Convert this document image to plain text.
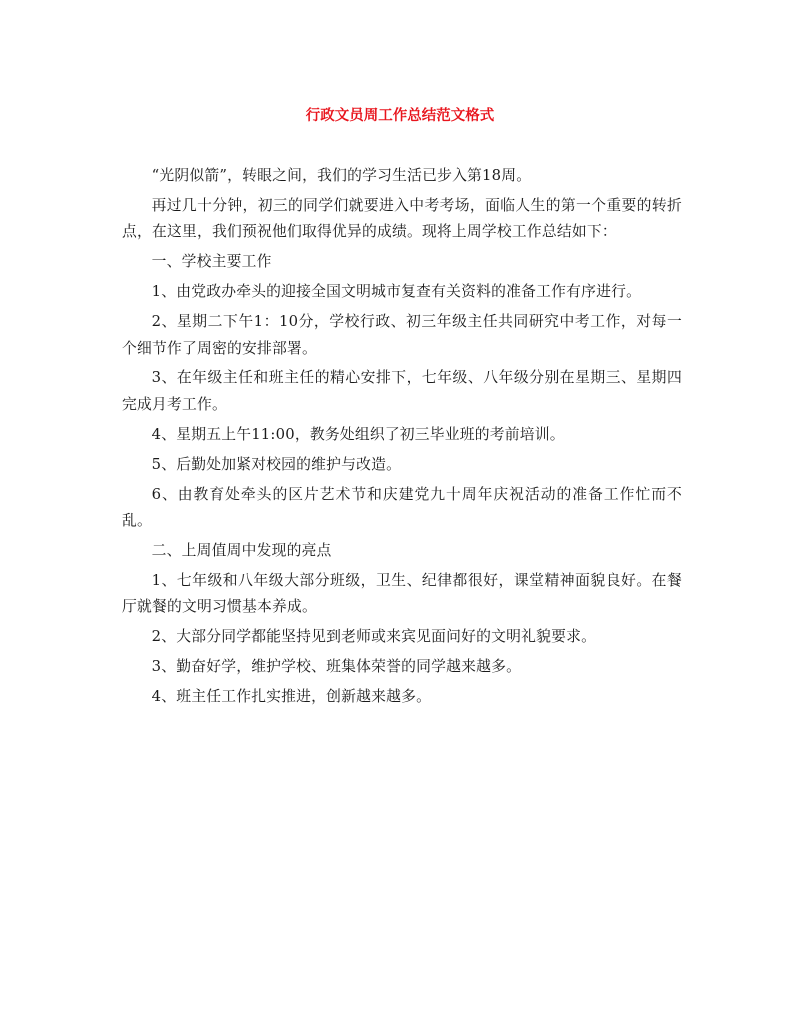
行政文员周工作总结范文格式

“光阴似箭”，转眼之间，我们的学习生活已步入第18周。

再过几十分钟，初三的同学们就要进入中考考场，面临人生的第一个重要的转折点，在这里，我们预祝他们取得优异的成绩。现将上周学校工作总结如下：

一、学校主要工作

1、由党政办牵头的迎接全国文明城市复查有关资料的准备工作有序进行。

2、星期二下午1：10分，学校行政、初三年级主任共同研究中考工作，对每一个细节作了周密的安排部署。

3、在年级主任和班主任的精心安排下，七年级、八年级分别在星期三、星期四完成月考工作。

4、星期五上午11:00，教务处组织了初三毕业班的考前培训。

5、后勤处加紧对校园的维护与改造。

6、由教育处牵头的区片艺术节和庆建党九十周年庆祝活动的准备工作忙而不乱。

二、上周值周中发现的亮点

1、七年级和八年级大部分班级，卫生、纪律都很好，课堂精神面貌良好。在餐厅就餐的文明习惯基本养成。

2、大部分同学都能坚持见到老师或来宾见面问好的文明礼貌要求。

3、勤奋好学，维护学校、班集体荣誉的同学越来越多。

4、班主任工作扎实推进，创新越来越多。
